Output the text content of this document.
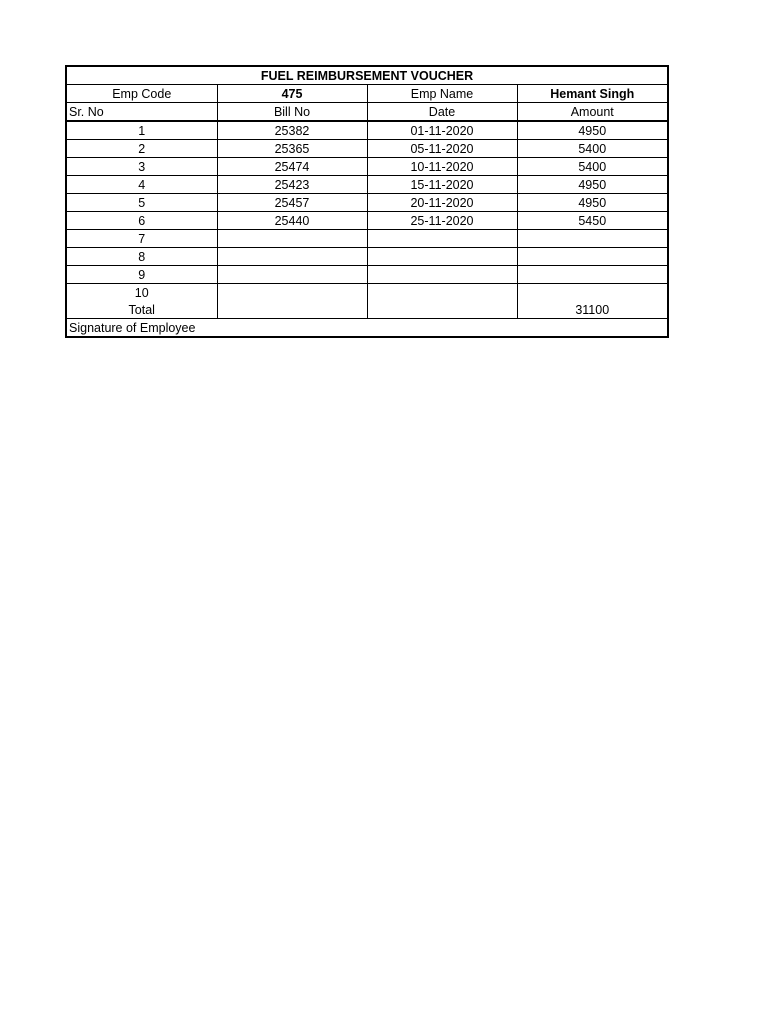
FUEL REIMBURSEMENT VOUCHER			
Emp Code	475	Emp Name	Hemant Singh
Sr. No	Bill No	Date	Amount
1	25382	01-11-2020	4950
2	25365	05-11-2020	5400
3	25474	10-11-2020	5400
4	25423	15-11-2020	4950
5	25457	20-11-2020	4950
6	25440	25-11-2020	5450
7			
8			
9			
10			
Total			31100
Signature of Employee			
